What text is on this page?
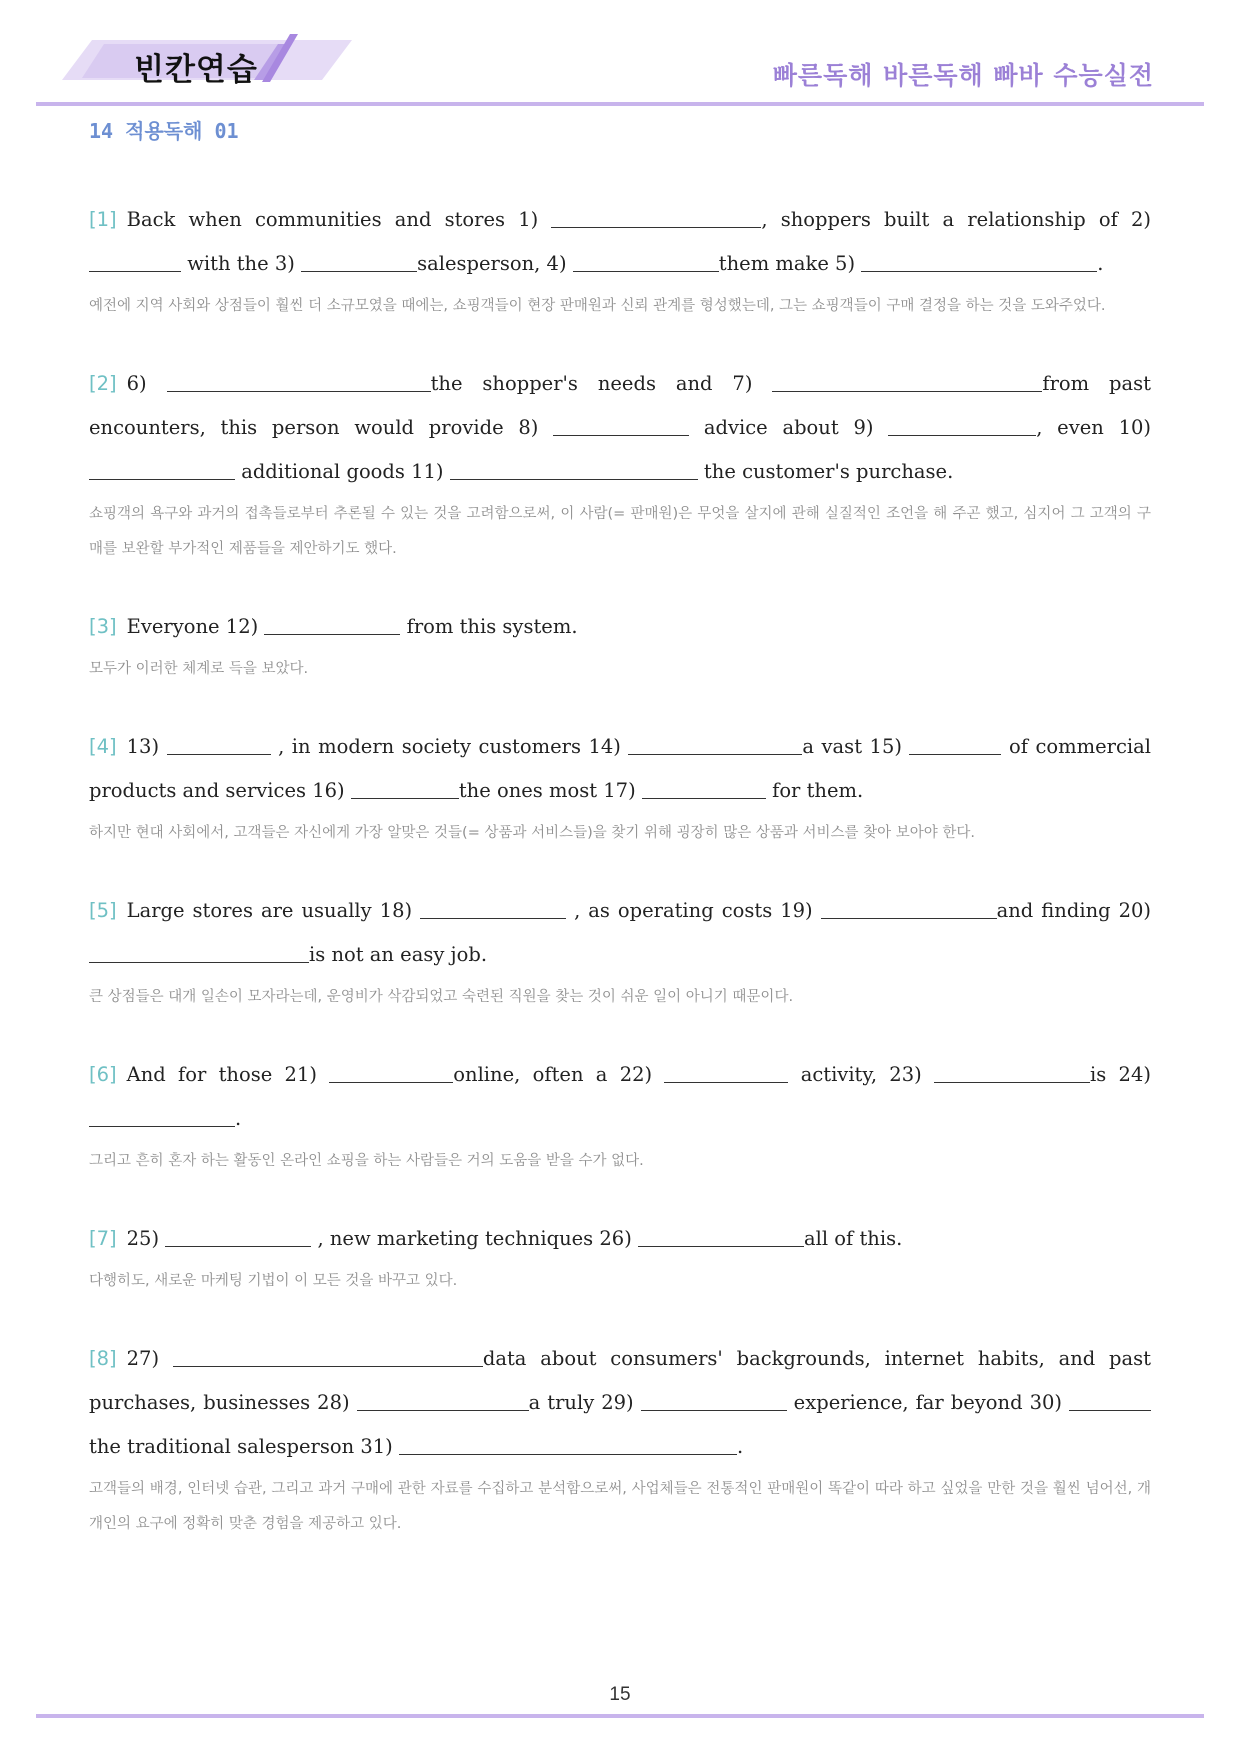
빈칸연습	빠른독해 바른독해 빠바 수능실전
14 적용독해 01

[1] Back when communities and stores 1)	, shoppers built a relationship of 2)  with the 3)	salesperson, 4)	them make 5)	.

예전에 지역 사회와 상점들이 훨씬 더 소규모였을 때에는, 쇼핑객들이 현장 판매원과 신뢰 관계를 형성했는데, 그는 쇼핑객들이 구매 결정을 하는 것을 도와주었다.

[2] 6)	the shopper's needs and 7)	from past encounters, this person would provide 8)	advice about 9)	, even 10)  additional goods 11)	the customer's purchase.

쇼핑객의 욕구와 과거의 접촉들로부터 추론될 수 있는 것을 고려함으로써, 이 사람(= 판매원)은 무엇을 살지에 관해 실질적인 조언을 해 주곤 했고, 심지어 그 고객의 구매를 보완할 부가적인 제품들을 제안하기도 했다.

[3] Everyone 12)	from this system.

모두가 이러한 체계로 득을 보았다.

[4] 13)	, in modern society customers 14)	a vast 15)	of commercial products and services 16)	the ones most 17)	for them.

하지만 현대 사회에서, 고객들은 자신에게 가장 알맞은 것들(= 상품과 서비스들)을 찾기 위해 굉장히 많은 상품과 서비스를 찾아 보아야 한다.

[5] Large stores are usually 18)	, as operating costs 19)	and finding 20) is not an easy job.

큰 상점들은 대개 일손이 모자라는데, 운영비가 삭감되었고 숙련된 직원을 찾는 것이 쉬운 일이 아니기 때문이다.

[6] And for those 21)	online, often a 22)	activity, 23)	is 24) .

그리고 흔히 혼자 하는 활동인 온라인 쇼핑을 하는 사람들은 거의 도움을 받을 수가 없다.

[7] 25)	, new marketing techniques 26)	all of this.

다행히도, 새로운 마케팅 기법이 이 모든 것을 바꾸고 있다.

[8] 27)	data about consumers' backgrounds, internet habits, and past purchases, businesses 28)	a truly 29)	experience, far beyond 30)  the traditional salesperson 31)	.

고객들의 배경, 인터넷 습관, 그리고 과거 구매에 관한 자료를 수집하고 분석함으로써, 사업체들은 전통적인 판매원이 똑같이 따라 하고 싶었을 만한 것을 훨씬 넘어선, 개개인의 요구에 정확히 맞춘 경험을 제공하고 있다.

15
